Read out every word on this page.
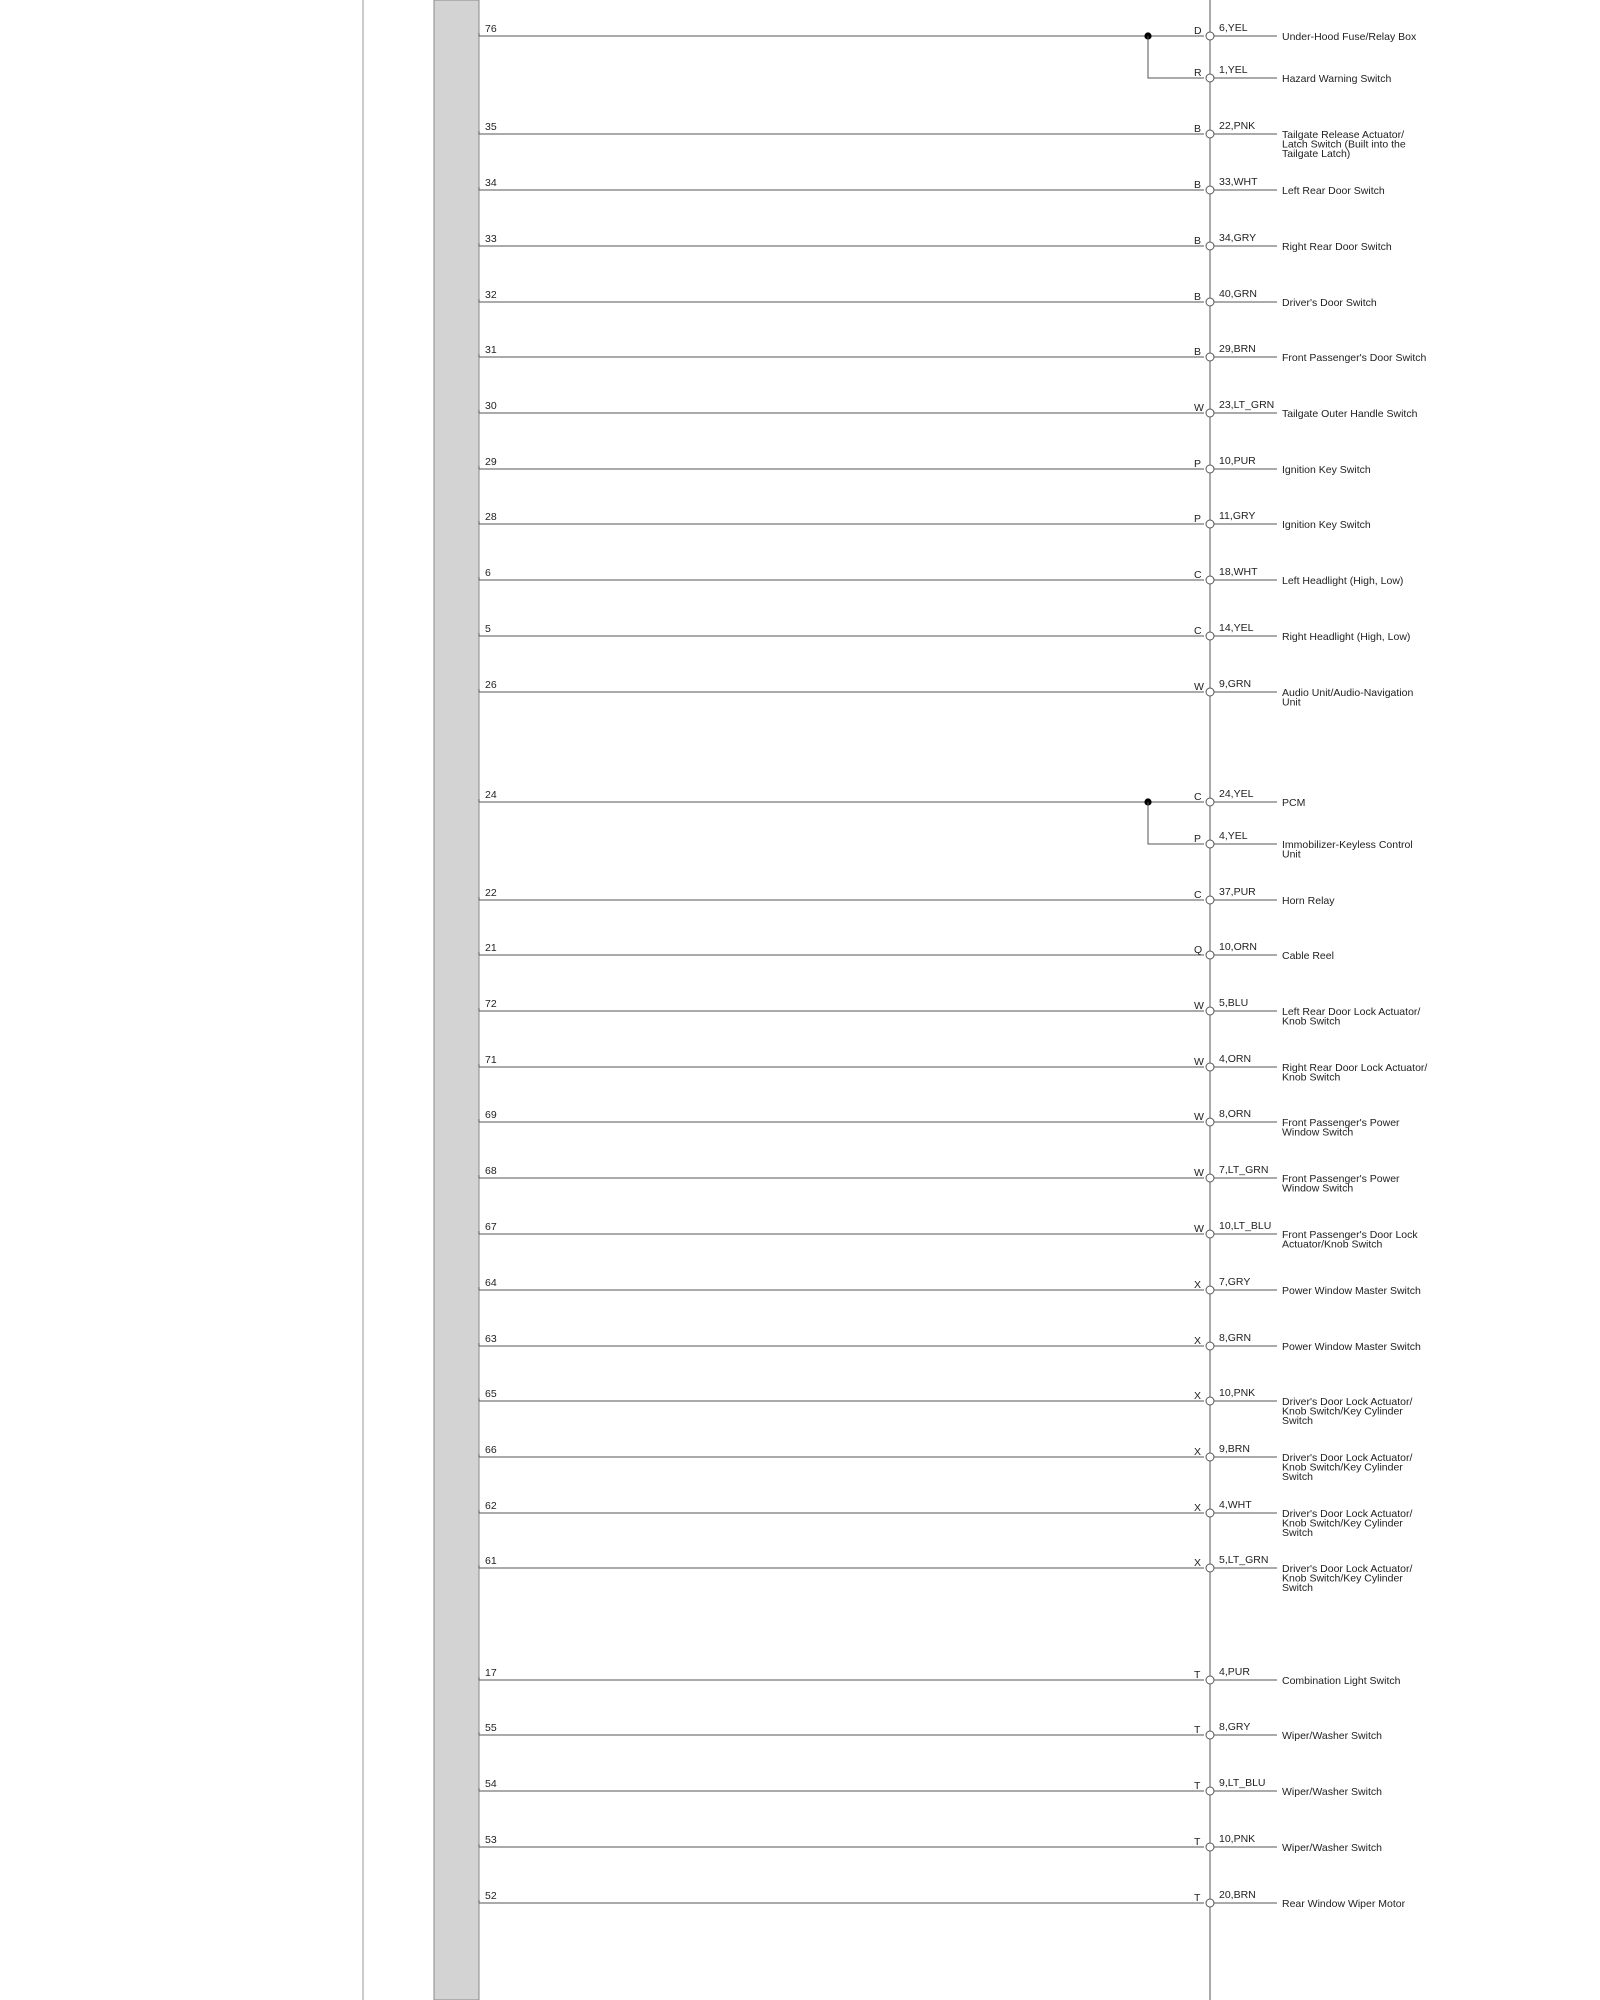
76	D 6,YEL
Under-Hood Fuse/Relay Box
R 1,YEL
Hazard Warning Switch
35	B 22,PNK
Tailgate Release Actuator/
Latch Switch (Built into the
Tailgate Latch)
34	B 33,WHT
Left Rear Door Switch
33	B 34,GRY
Right Rear Door Switch
32	B 40,GRN
Driver's Door Switch
31	B 29,BRN
Front Passenger's Door Switch
30	W 23,LT_GRN
Tailgate Outer Handle Switch
29	P 10,PUR
Ignition Key Switch
28	P 11,GRY
Ignition Key Switch
6	C 18,WHT
Left Headlight (High, Low)
5	C 14,YEL
Right Headlight (High, Low)
26	W 9,GRN
Audio Unit/Audio-Navigation
Unit
24	C 24,YEL
PCM
P 4,YEL
Immobilizer-Keyless Control
Unit
22	C 37,PUR
Horn Relay
21	Q 10,ORN
Cable Reel
72	W 5,BLU
Left Rear Door Lock Actuator/
Knob Switch
71	W 4,ORN
Right Rear Door Lock Actuator/
Knob Switch
69	W 8,ORN
Front Passenger's Power
Window Switch
68	W 7,LT_GRN
Front Passenger's Power
Window Switch
67	W 10,LT_BLU
Front Passenger's Door Lock
Actuator/Knob Switch
64	X 7,GRY
Power Window Master Switch
63	X 8,GRN
Power Window Master Switch
65	X 10,PNK
Driver's Door Lock Actuator/
Knob Switch/Key Cylinder
Switch
66	X 9,BRN
Driver's Door Lock Actuator/
Knob Switch/Key Cylinder
Switch
62	X 4,WHT
Driver's Door Lock Actuator/
Knob Switch/Key Cylinder
Switch
61	X 5,LT_GRN
Driver's Door Lock Actuator/
Knob Switch/Key Cylinder
Switch
17	T 4,PUR
Combination Light Switch
55	T 8,GRY
Wiper/Washer Switch
54	T 9,LT_BLU
Wiper/Washer Switch
53	T 10,PNK
Wiper/Washer Switch
52	T 20,BRN
Rear Window Wiper Motor
